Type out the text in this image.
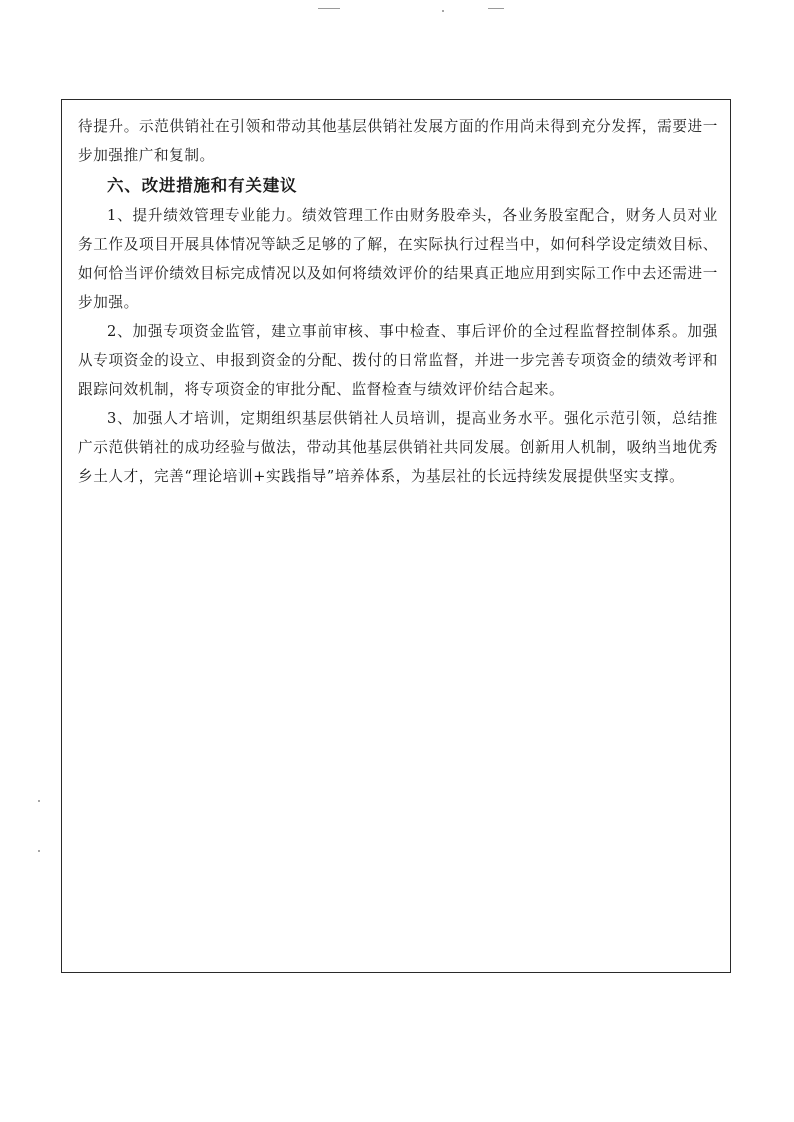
待提升。示范供销社在引领和带动其他基层供销社发展方面的作用尚未得到充分发挥，需要进一步加强推广和复制。

六、改进措施和有关建议

1、提升绩效管理专业能力。绩效管理工作由财务股牵头，各业务股室配合，财务人员对业务工作及项目开展具体情况等缺乏足够的了解，在实际执行过程当中，如何科学设定绩效目标、如何恰当评价绩效目标完成情况以及如何将绩效评价的结果真正地应用到实际工作中去还需进一步加强。

2、加强专项资金监管，建立事前审核、事中检查、事后评价的全过程监督控制体系。加强从专项资金的设立、申报到资金的分配、拨付的日常监督，并进一步完善专项资金的绩效考评和跟踪问效机制，将专项资金的审批分配、监督检查与绩效评价结合起来。

3、加强人才培训，定期组织基层供销社人员培训，提高业务水平。强化示范引领，总结推广示范供销社的成功经验与做法，带动其他基层供销社共同发展。创新用人机制，吸纳当地优秀乡土人才，完善“理论培训+实践指导”培养体系，为基层社的长远持续发展提供坚实支撑。
